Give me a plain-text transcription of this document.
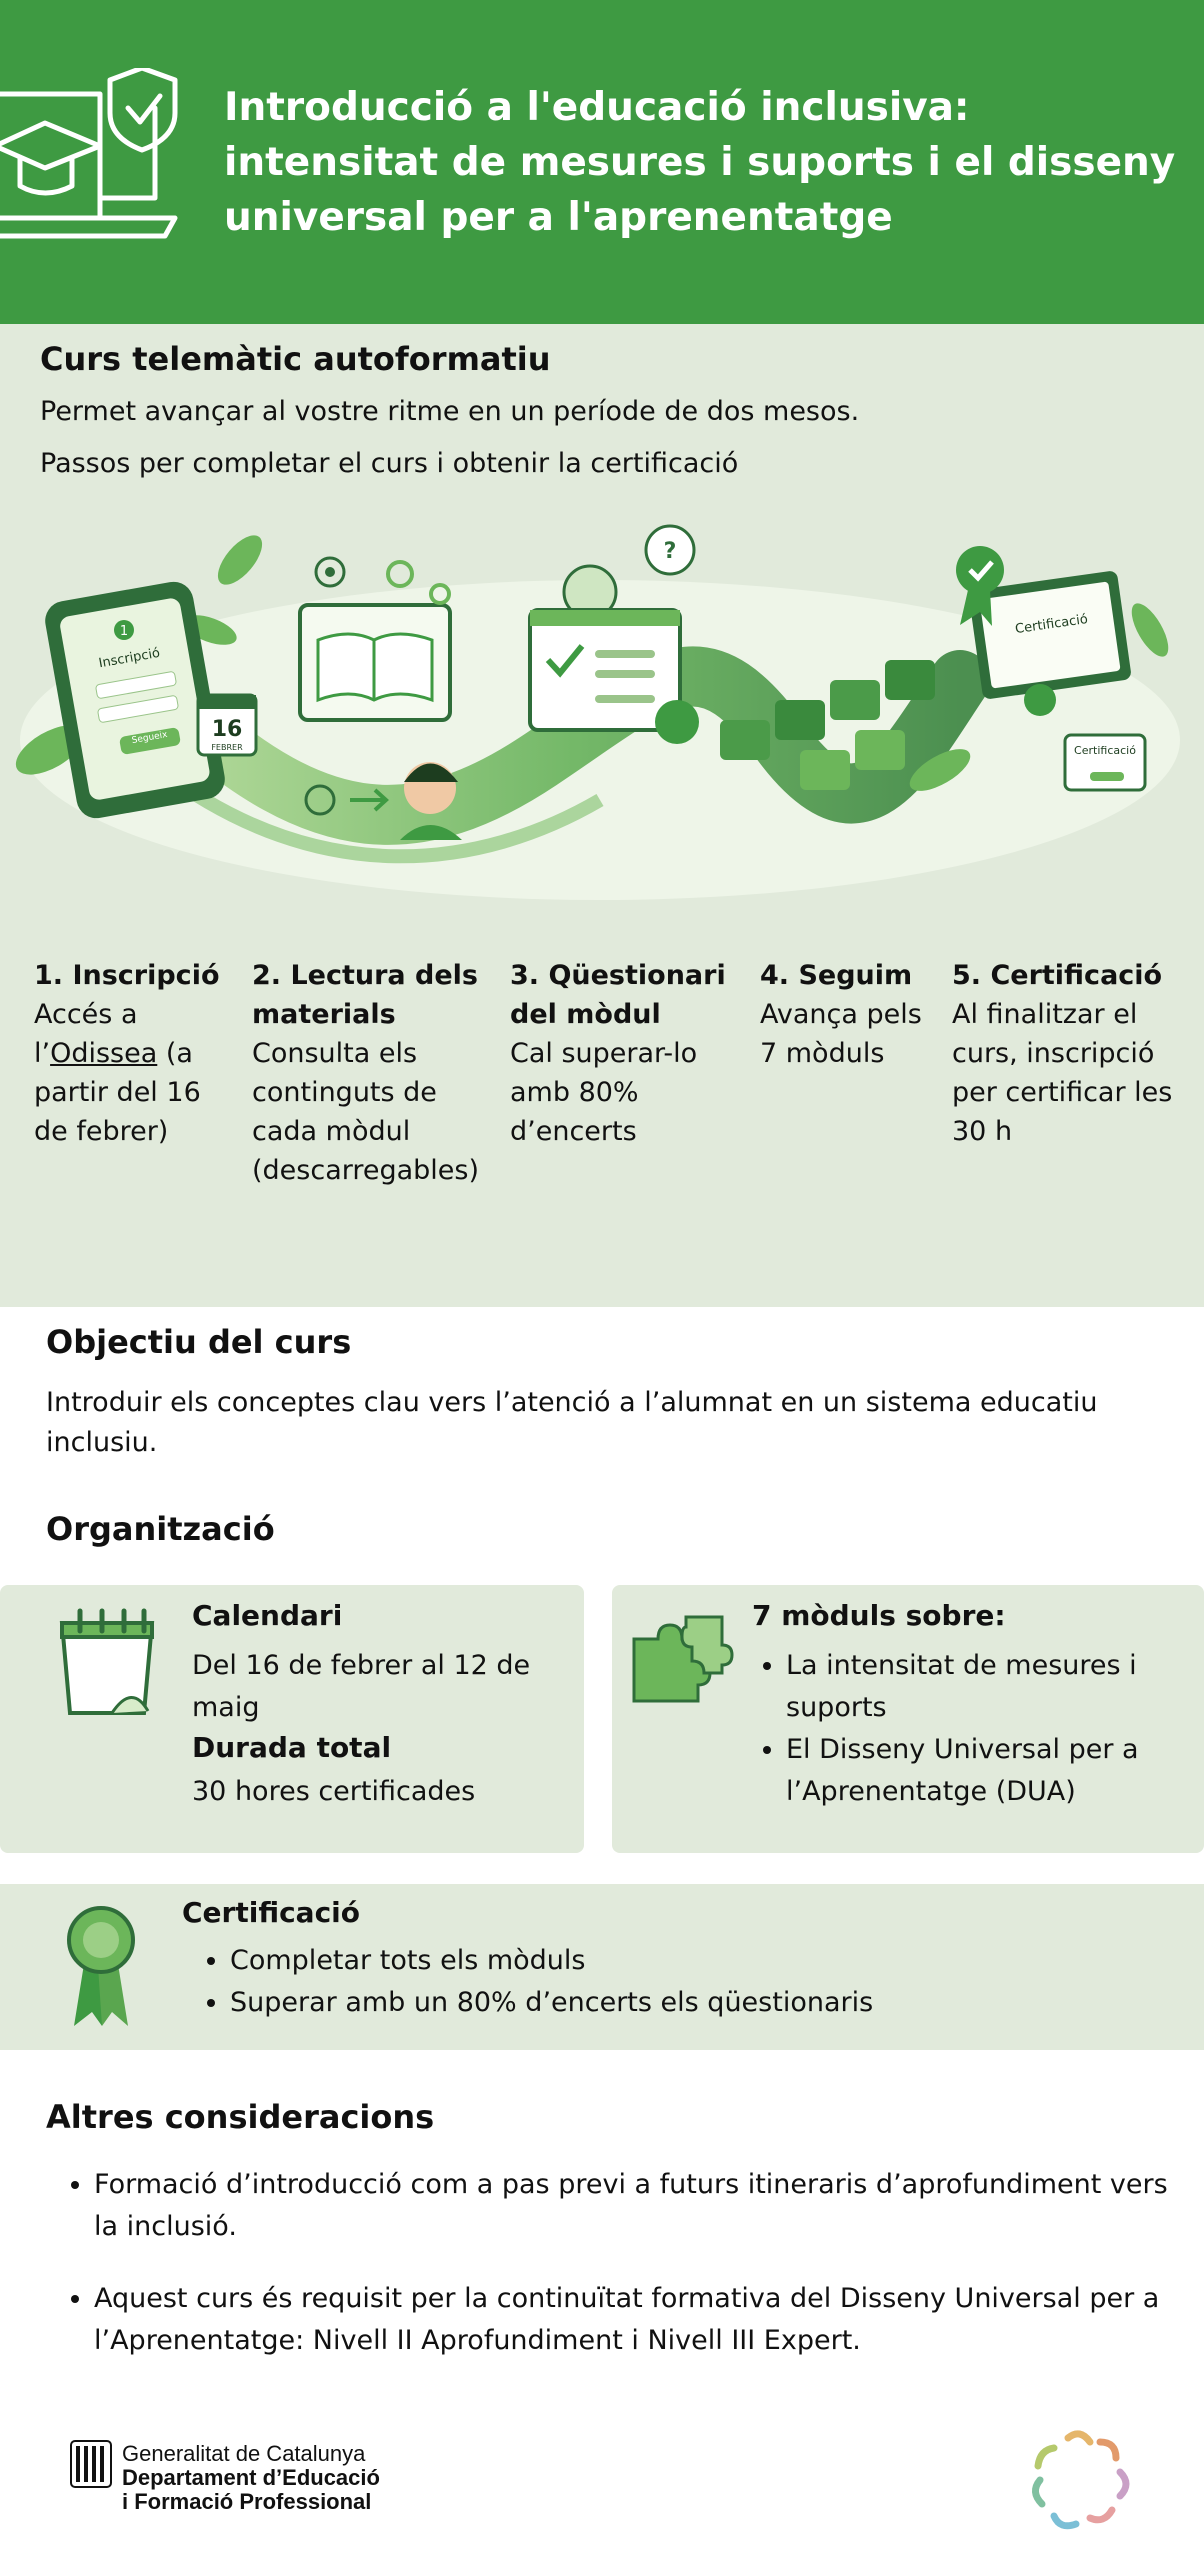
Introducció a l'educació inclusiva: intensitat de mesures i suports i el disseny universal per a l'aprenentatge
Curs telemàtic autoformatiu

Permet avançar al vostre ritme en un període de dos mesos.

Passos per completar el curs i obtenir la certificació

1
Inscripció
Segueix 16
FEBRER
?
Certificació
Certificació
1. Inscripció
Accés a l’Odissea (a partir del 16 de febrer)
2. Lectura dels materials
Consulta els continguts de cada mòdul (descarregables)
3. Qüestionari del mòdul
Cal superar-lo amb 80% d’encerts
4. Seguim
Avança pels 7 mòduls
5. Certificació
Al finalitzar el curs, inscripció per certificar les 30 h
Objectiu del curs

Introduir els conceptes clau vers l’atenció a l’alumnat en un sistema educatiu inclusiu.

Organització
Calendari
Del 16 de febrer al 12 de maig
Durada total
30 hores certificades
7 mòduls sobre:
• La intensitat de mesures i suports
• El Disseny Universal per a l’Aprenentatge (DUA)
Certificació
• Completar tots els mòduls
• Superar amb un 80% d’encerts els qüestionaris
Altres consideracions
• Formació d’introducció com a pas previ a futurs itineraris d’aprofundiment vers la inclusió.
• Aquest curs és requisit per la continuïtat formativa del Disseny Universal per a l’Aprenentatge: Nivell II Aprofundiment i Nivell III Expert.
Generalitat de Catalunya
Departament d’Educació
i Formació Professional
